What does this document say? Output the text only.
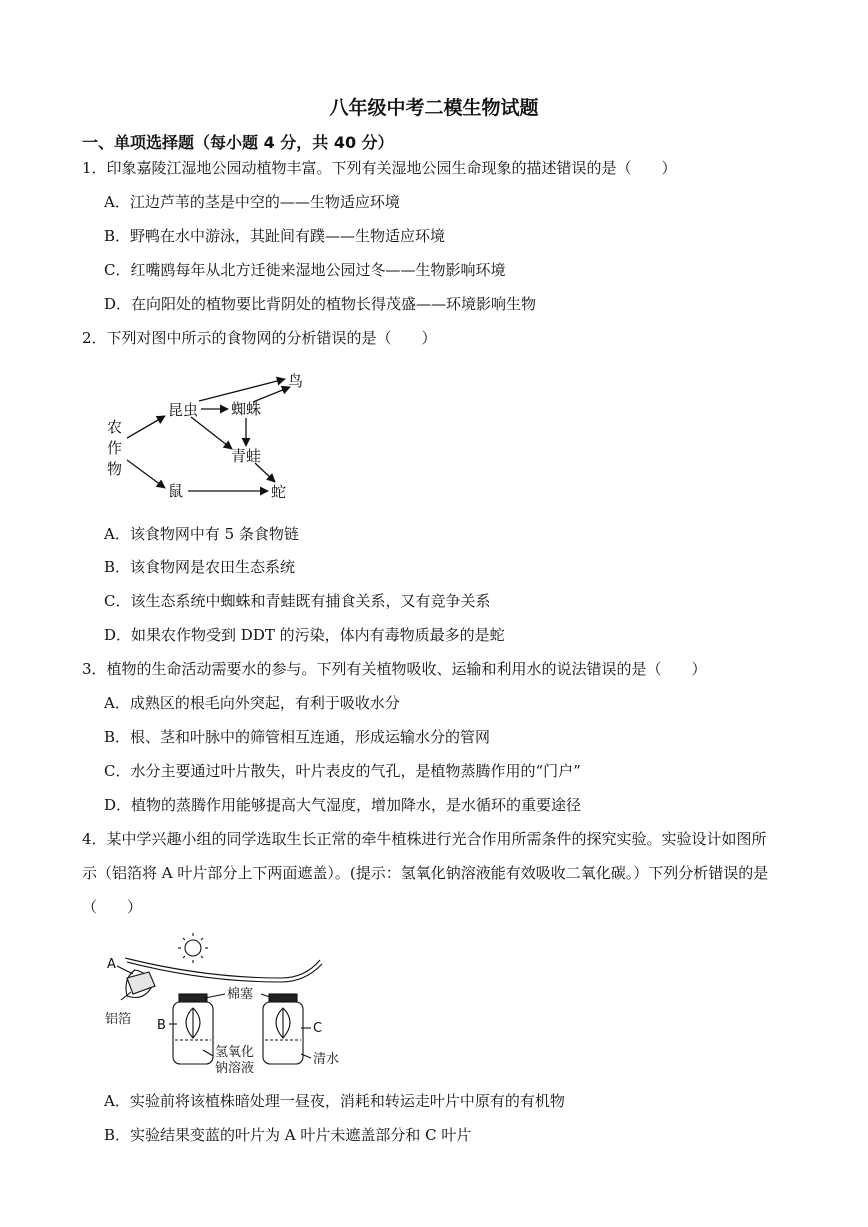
八年级中考二模生物试题
一、单项选择题（每小题 4 分，共 40 分）
1．印象嘉陵江湿地公园动植物丰富。下列有关湿地公园生命现象的描述错误的是（　　）
A．江边芦苇的茎是中空的——生物适应环境
B．野鸭在水中游泳，其趾间有蹼——生物适应环境
C．红嘴鸥每年从北方迁徙来湿地公园过冬——生物影响环境
D．在向阳处的植物要比背阴处的植物长得茂盛——环境影响生物
2．下列对图中所示的食物网的分析错误的是（　　）
农
作
物
昆虫 蜘蛛
鸟
青蛙
鼠	蛇
A．该食物网中有 5 条食物链
B．该食物网是农田生态系统
C．该生态系统中蜘蛛和青蛙既有捕食关系，又有竞争关系
D．如果农作物受到 DDT 的污染，体内有毒物质最多的是蛇
3．植物的生命活动需要水的参与。下列有关植物吸收、运输和利用水的说法错误的是（　　）
A．成熟区的根毛向外突起，有利于吸收水分
B．根、茎和叶脉中的筛管相互连通，形成运输水分的管网
C．水分主要通过叶片散失，叶片表皮的气孔，是植物蒸腾作用的“门户”
D．植物的蒸腾作用能够提高大气湿度，增加降水，是水循环的重要途径
4．某中学兴趣小组的同学选取生长正常的牵牛植株进行光合作用所需条件的探究实验。实验设计如图所
示（铝箔将 A 叶片部分上下两面遮盖）。(提示：氢氧化钠溶液能有效吸收二氧化碳。）下列分析错误的是
（　　）
A
铝箔 B
棉塞
氢氧化
钠溶液
C
清水
A．实验前将该植株暗处理一昼夜，消耗和转运走叶片中原有的有机物
B．实验结果变蓝的叶片为 A 叶片未遮盖部分和 C 叶片
